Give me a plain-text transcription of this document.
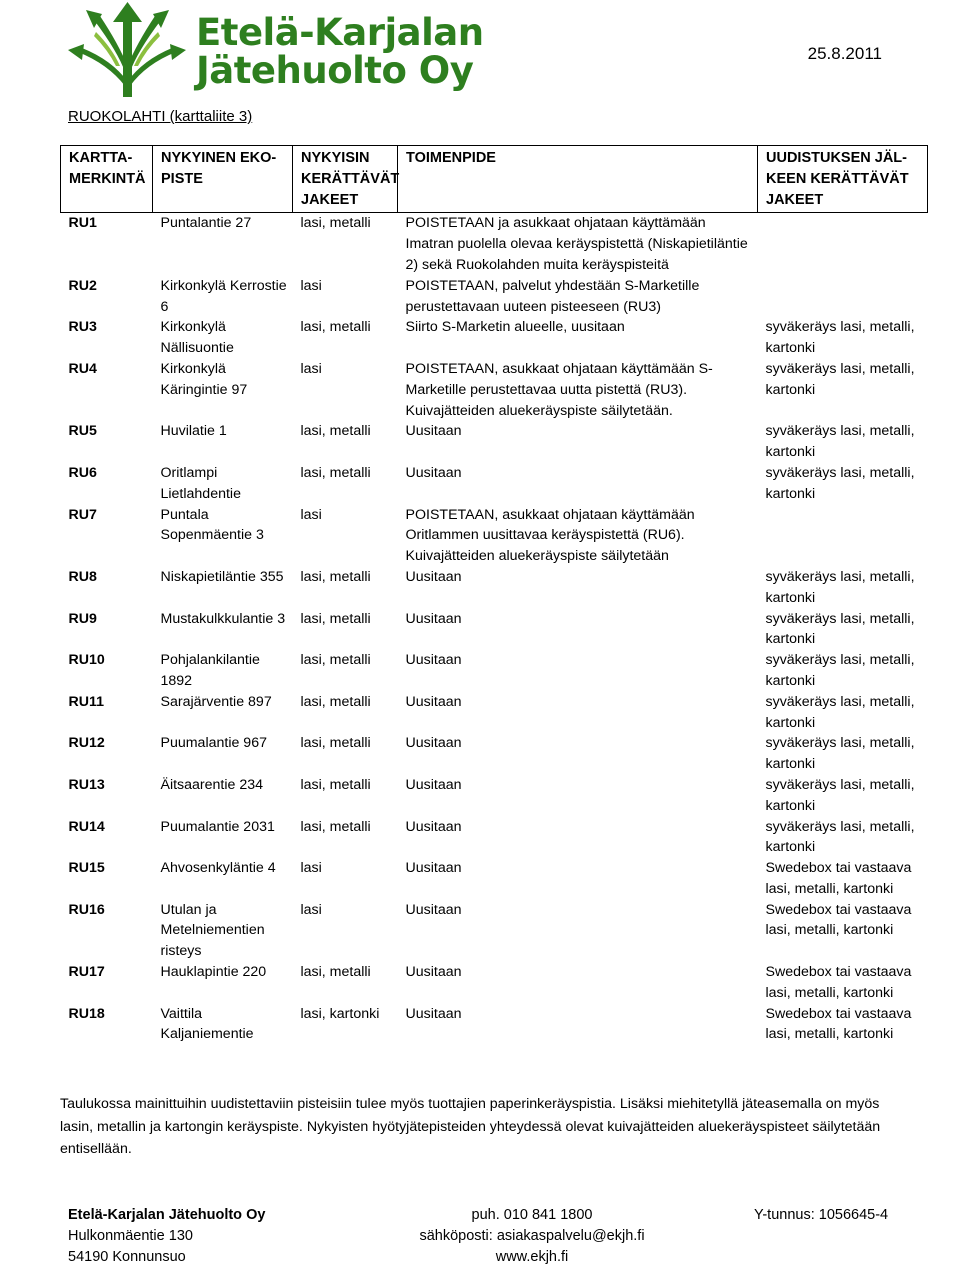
Etelä-Karjalan
Jätehuolto Oy	25.8.2011
RUOKOLAHTI (karttaliite 3)
KARTTA- MERKINTÄ	NYKYINEN EKO- PISTE	NYKYISIN KERÄTTÄVÄT JAKEET	TOIMENPIDE	UUDISTUKSEN JÄL- KEEN KERÄTTÄVÄT JAKEET
RU1	Puntalantie 27	lasi, metalli	POISTETAAN ja asukkaat ohjataan käyttämään Imatran puolella olevaa keräyspistettä (Niskapietiläntie 2) sekä Ruokolahden muita keräyspisteitä	
RU2	Kirkonkylä Kerrostie 6	lasi	POISTETAAN, palvelut yhdestään S-Marketille perustettavaan uuteen pisteeseen (RU3)	
RU3	Kirkonkylä Nällisuontie	lasi, metalli	Siirto S-Marketin alueelle, uusitaan	syväkeräys lasi, metalli, kartonki
RU4	Kirkonkylä Käringintie 97	lasi	POISTETAAN, asukkaat ohjataan käyttämään S-Marketille perustettavaa uutta pistettä (RU3). Kuivajätteiden aluekeräyspiste säilytetään.	syväkeräys lasi, metalli, kartonki
RU5	Huvilatie 1	lasi, metalli	Uusitaan	syväkeräys lasi, metalli, kartonki
RU6	Oritlampi Lietlahdentie	lasi, metalli	Uusitaan	syväkeräys lasi, metalli, kartonki
RU7	Puntala Sopenmäentie 3	lasi	POISTETAAN, asukkaat ohjataan käyttämään Oritlammen uusittavaa keräyspistettä (RU6). Kuivajätteiden aluekeräyspiste säilytetään	
RU8	Niskapietiläntie 355	lasi, metalli	Uusitaan	syväkeräys lasi, metalli, kartonki
RU9	Mustakulkkulantie 3	lasi, metalli	Uusitaan	syväkeräys lasi, metalli, kartonki
RU10	Pohjalankilantie 1892	lasi, metalli	Uusitaan	syväkeräys lasi, metalli, kartonki
RU11	Sarajärventie 897	lasi, metalli	Uusitaan	syväkeräys lasi, metalli, kartonki
RU12	Puumalantie 967	lasi, metalli	Uusitaan	syväkeräys lasi, metalli, kartonki
RU13	Äitsaarentie 234	lasi, metalli	Uusitaan	syväkeräys lasi, metalli, kartonki
RU14	Puumalantie 2031	lasi, metalli	Uusitaan	syväkeräys lasi, metalli, kartonki
RU15	Ahvosenkyläntie 4	lasi	Uusitaan	Swedebox tai vastaava lasi, metalli, kartonki
RU16	Utulan ja Metelniementien risteys	lasi	Uusitaan	Swedebox tai vastaava lasi, metalli, kartonki
RU17	Hauklapintie 220	lasi, metalli	Uusitaan	Swedebox tai vastaava lasi, metalli, kartonki
RU18	Vaittila Kaljaniementie	lasi, kartonki	Uusitaan	Swedebox tai vastaava lasi, metalli, kartonki
Taulukossa mainittuihin uudistettaviin pisteisiin tulee myös tuottajien paperinkeräyspistia. Lisäksi miehitetyllä jäteasemalla on myös lasin, metallin ja kartongin keräyspiste. Nykyisten hyötyjätepisteiden yhteydessä olevat kuivajätteiden aluekeräyspisteet säilytetään entisellään.
Etelä-Karjalan Jätehuolto Oy
Hulkonmäentie 130
54190 Konnunsuo
puh. 010 841 1800
sähköposti: asiakaspalvelu@ekjh.fi
www.ekjh.fi
Y-tunnus: 1056645-4
